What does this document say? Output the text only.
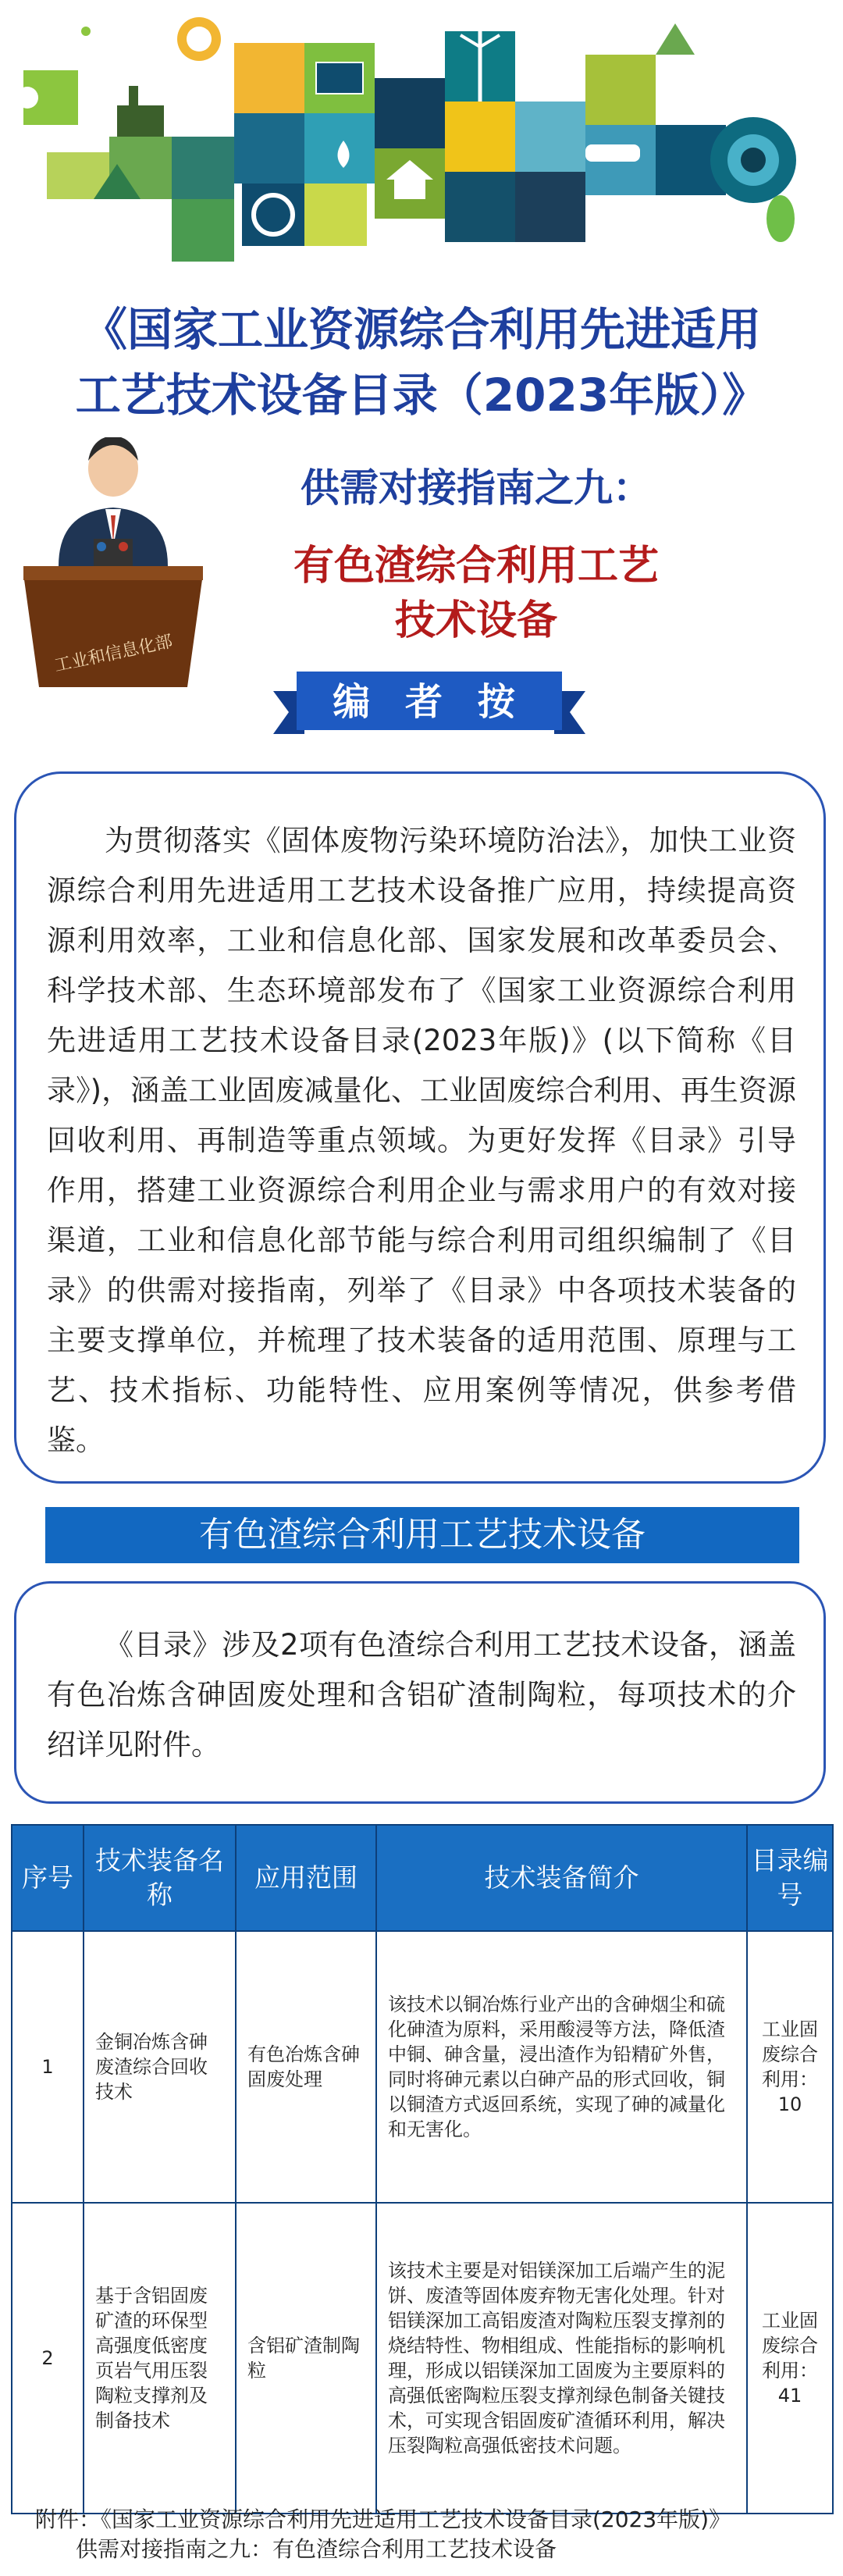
《国家工业资源综合利用先进适用
工艺技术设备目录（2023年版）》
工业和信息化部
供需对接指南之九：
有色渣综合利用工艺
技术设备
编 者 按
为贯彻落实《固体废物污染环境防治法》，加快工业资源综合利用先进适用工艺技术设备推广应用，持续提高资源利用效率，工业和信息化部、国家发展和改革委员会、科学技术部、生态环境部发布了《国家工业资源综合利用先进适用工艺技术设备目录(2023年版)》(以下简称《目录》)，涵盖工业固废减量化、工业固废综合利用、再生资源回收利用、再制造等重点领域。为更好发挥《目录》引导作用，搭建工业资源综合利用企业与需求用户的有效对接渠道，工业和信息化部节能与综合利用司组织编制了《目录》的供需对接指南，列举了《目录》中各项技术装备的主要支撑单位，并梳理了技术装备的适用范围、原理与工艺、技术指标、功能特性、应用案例等情况，供参考借鉴。
有色渣综合利用工艺技术设备
《目录》涉及2项有色渣综合利用工艺技术设备，涵盖有色冶炼含砷固废处理和含铝矿渣制陶粒，每项技术的介绍详见附件。
序号	技术装备名称	应用范围	技术装备简介	目录编号
1	金铜冶炼含砷废渣综合回收技术	有色冶炼含砷固废处理	该技术以铜冶炼行业产出的含砷烟尘和硫化砷渣为原料，采用酸浸等方法，降低渣中铜、砷含量，浸出渣作为铅精矿外售，同时将砷元素以白砷产品的形式回收，铜以铜渣方式返回系统，实现了砷的减量化和无害化。	工业固废综合利用：10
2	基于含铝固废矿渣的环保型高强度低密度页岩气用压裂陶粒支撑剂及制备技术	含铝矿渣制陶粒	该技术主要是对铝镁深加工后端产生的泥饼、废渣等固体废弃物无害化处理。针对铝镁深加工高铝废渣对陶粒压裂支撑剂的烧结特性、物相组成、性能指标的影响机理，形成以铝镁深加工固废为主要原料的高强低密陶粒压裂支撑剂绿色制备关键技术，可实现含铝固废矿渣循环利用，解决压裂陶粒高强低密技术问题。	工业固废综合利用：41
附件：《国家工业资源综合利用先进适用工艺技术设备目录(2023年版)》
供需对接指南之九：有色渣综合利用工艺技术设备
